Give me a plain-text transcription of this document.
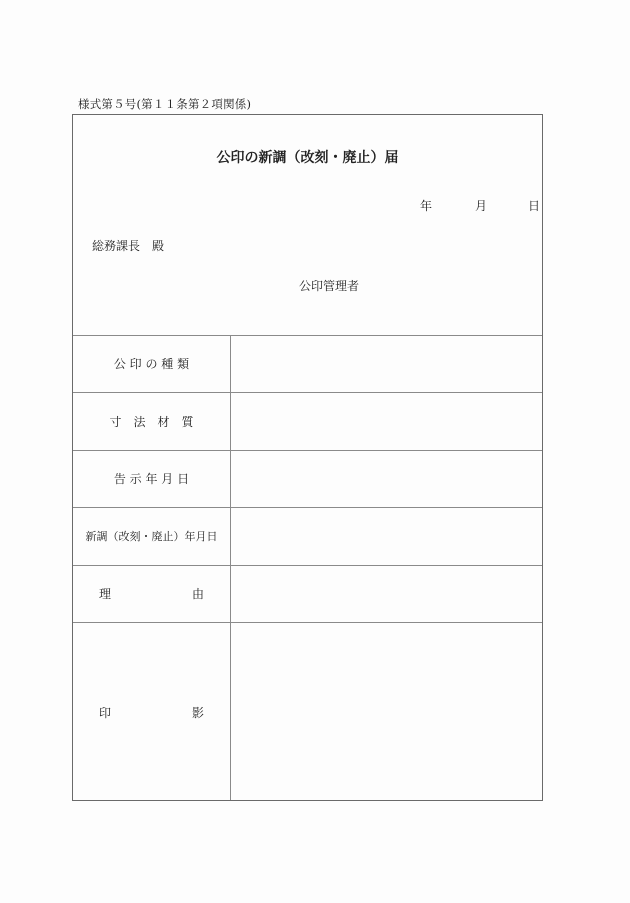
様式第５号(第１１条第２項関係)
公印の新調（改刻・廃止）届
年	月	日
総務課長　殿
公印管理者
公 印 の 種 類
寸　法　材　質
告 示 年 月 日
新調（改刻・廃止）年月日
理	由
印	影
